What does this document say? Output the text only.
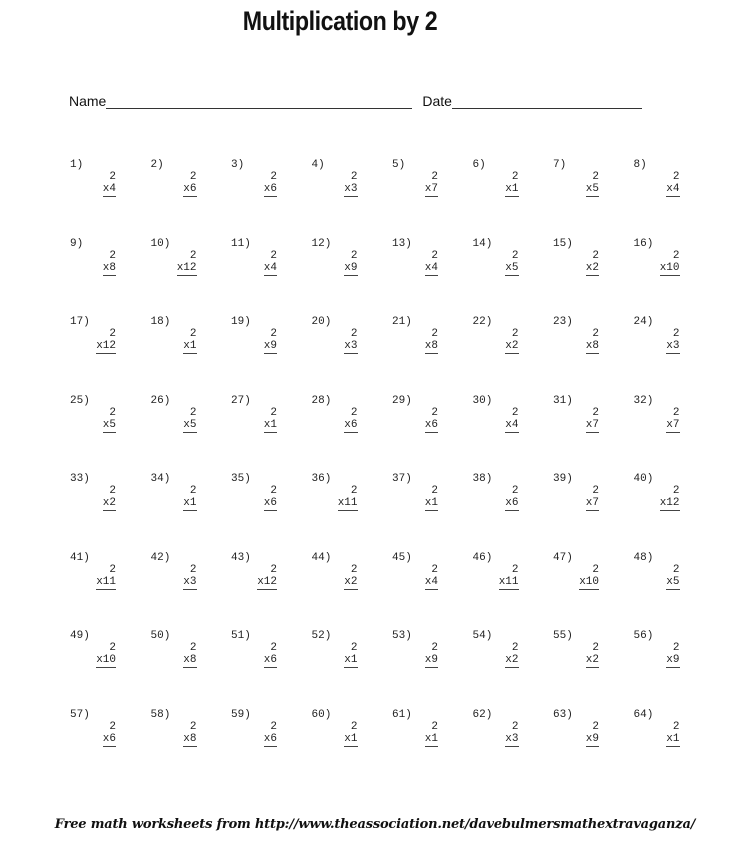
Multiplication by 2
Name	Date
1)
2
x4
2)
2
x6
3)
2
x6
4)
2
x3
5)
2
x7
6)
2
x1
7)
2
x5
8)
2
x4
9)
2
x8
10)
2
x12
11)
2
x4
12)
2
x9
13)
2
x4
14)
2
x5
15)
2
x2
16)
2
x10
17)
2
x12
18)
2
x1
19)
2
x9
20)
2
x3
21)
2
x8
22)
2
x2
23)
2
x8
24)
2
x3
25)
2
x5
26)
2
x5
27)
2
x1
28)
2
x6
29)
2
x6
30)
2
x4
31)
2
x7
32)
2
x7
33)
2
x2
34)
2
x1
35)
2
x6
36)
2
x11
37)
2
x1
38)
2
x6
39)
2
x7
40)
2
x12
41)
2
x11
42)
2
x3
43)
2
x12
44)
2
x2
45)
2
x4
46)
2
x11
47)
2
x10
48)
2
x5
49)
2
x10
50)
2
x8
51)
2
x6
52)
2
x1
53)
2
x9
54)
2
x2
55)
2
x2
56)
2
x9
57)
2
x6
58)
2
x8
59)
2
x6
60)
2
x1
61)
2
x1
62)
2
x3
63)
2
x9
64)
2
x1
Free math worksheets from http://www.theassociation.net/davebulmersmathextravaganza/
